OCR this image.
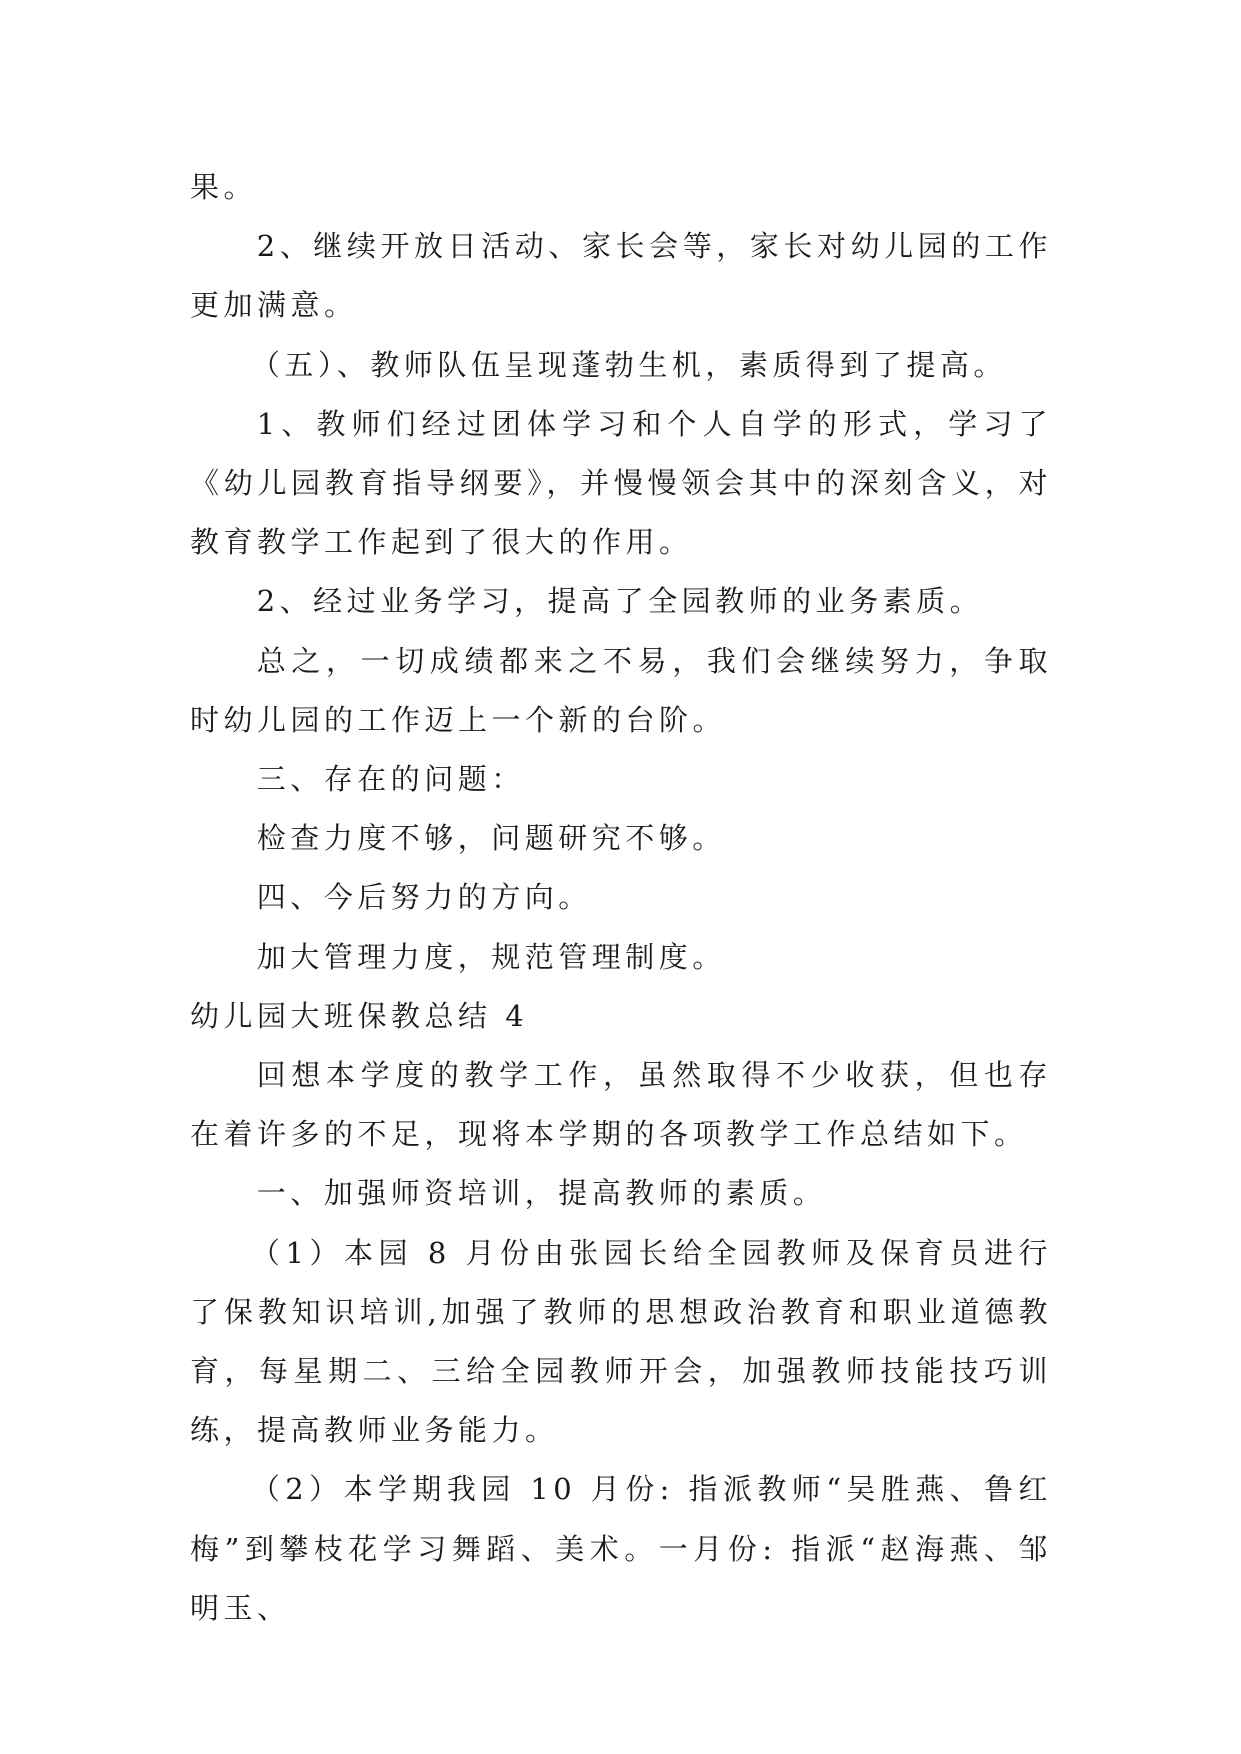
果。

2、继续开放日活动、家长会等，家长对幼儿园的工作更加满意。

（五）、教师队伍呈现蓬勃生机，素质得到了提高。

1、教师们经过团体学习和个人自学的形式，学习了《幼儿园教育指导纲要》，并慢慢领会其中的深刻含义，对教育教学工作起到了很大的作用。

2、经过业务学习，提高了全园教师的业务素质。

总之，一切成绩都来之不易，我们会继续努力，争取时幼儿园的工作迈上一个新的台阶。

三、存在的问题：

检查力度不够，问题研究不够。

四、今后努力的方向。

加大管理力度，规范管理制度。

幼儿园大班保教总结 4

回想本学度的教学工作，虽然取得不少收获，但也存在着许多的不足，现将本学期的各项教学工作总结如下。

一、加强师资培训，提高教师的素质。

（1）本园 8 月份由张园长给全园教师及保育员进行了保教知识培训,加强了教师的思想政治教育和职业道德教育，每星期二、三给全园教师开会，加强教师技能技巧训练，提高教师业务能力。

（2）本学期我园 10 月份: 指派教师“吴胜燕、鲁红梅”到攀枝花学习舞蹈、美术。一月份: 指派“赵海燕、邹明玉、
